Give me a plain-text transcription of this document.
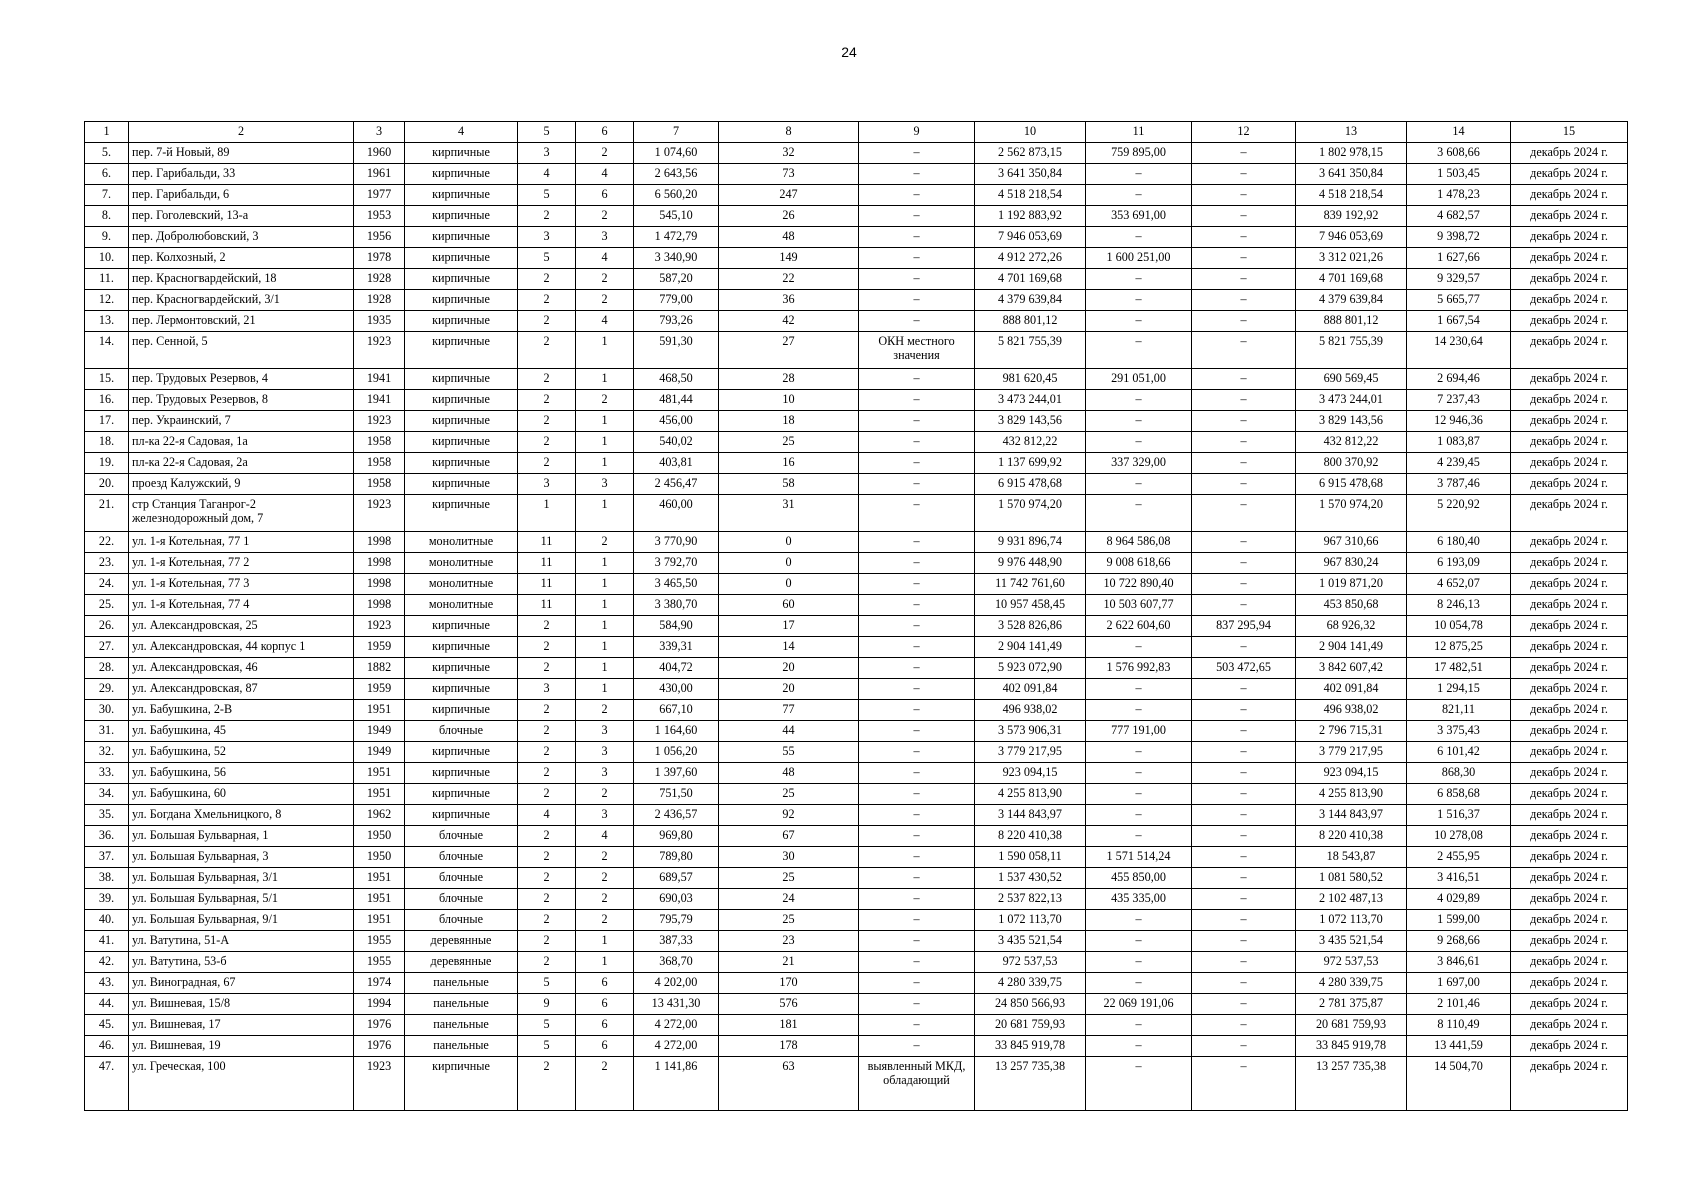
24
1	2	3	4	5	6	7	8	9	10	11	12	13	14	15
5.	пер. 7-й Новый, 89	1960	кирпичные	3	2	1 074,60	32	–	2 562 873,15	759 895,00	–	1 802 978,15	3 608,66	декабрь 2024 г.
6.	пер. Гарибальди, 33	1961	кирпичные	4	4	2 643,56	73	–	3 641 350,84	–	–	3 641 350,84	1 503,45	декабрь 2024 г.
7.	пер. Гарибальди, 6	1977	кирпичные	5	6	6 560,20	247	–	4 518 218,54	–	–	4 518 218,54	1 478,23	декабрь 2024 г.
8.	пер. Гоголевский, 13-а	1953	кирпичные	2	2	545,10	26	–	1 192 883,92	353 691,00	–	839 192,92	4 682,57	декабрь 2024 г.
9.	пер. Добролюбовский, 3	1956	кирпичные	3	3	1 472,79	48	–	7 946 053,69	–	–	7 946 053,69	9 398,72	декабрь 2024 г.
10.	пер. Колхозный, 2	1978	кирпичные	5	4	3 340,90	149	–	4 912 272,26	1 600 251,00	–	3 312 021,26	1 627,66	декабрь 2024 г.
11.	пер. Красногвардейский, 18	1928	кирпичные	2	2	587,20	22	–	4 701 169,68	–	–	4 701 169,68	9 329,57	декабрь 2024 г.
12.	пер. Красногвардейский, 3/1	1928	кирпичные	2	2	779,00	36	–	4 379 639,84	–	–	4 379 639,84	5 665,77	декабрь 2024 г.
13.	пер. Лермонтовский, 21	1935	кирпичные	2	4	793,26	42	–	888 801,12	–	–	888 801,12	1 667,54	декабрь 2024 г.
14.	пер. Сенной, 5	1923	кирпичные	2	1	591,30	27	ОКН местного значения	5 821 755,39	–	–	5 821 755,39	14 230,64	декабрь 2024 г.
15.	пер. Трудовых Резервов, 4	1941	кирпичные	2	1	468,50	28	–	981 620,45	291 051,00	–	690 569,45	2 694,46	декабрь 2024 г.
16.	пер. Трудовых Резервов, 8	1941	кирпичные	2	2	481,44	10	–	3 473 244,01	–	–	3 473 244,01	7 237,43	декабрь 2024 г.
17.	пер. Украинский, 7	1923	кирпичные	2	1	456,00	18	–	3 829 143,56	–	–	3 829 143,56	12 946,36	декабрь 2024 г.
18.	пл-ка 22-я Садовая, 1а	1958	кирпичные	2	1	540,02	25	–	432 812,22	–	–	432 812,22	1 083,87	декабрь 2024 г.
19.	пл-ка 22-я Садовая, 2а	1958	кирпичные	2	1	403,81	16	–	1 137 699,92	337 329,00	–	800 370,92	4 239,45	декабрь 2024 г.
20.	проезд Калужский, 9	1958	кирпичные	3	3	2 456,47	58	–	6 915 478,68	–	–	6 915 478,68	3 787,46	декабрь 2024 г.
21.	стр Станция Таганрог-2 железнодорожный дом, 7	1923	кирпичные	1	1	460,00	31	–	1 570 974,20	–	–	1 570 974,20	5 220,92	декабрь 2024 г.
22.	ул. 1-я Котельная, 77 1	1998	монолитные	11	2	3 770,90	0	–	9 931 896,74	8 964 586,08	–	967 310,66	6 180,40	декабрь 2024 г.
23.	ул. 1-я Котельная, 77 2	1998	монолитные	11	1	3 792,70	0	–	9 976 448,90	9 008 618,66	–	967 830,24	6 193,09	декабрь 2024 г.
24.	ул. 1-я Котельная, 77 3	1998	монолитные	11	1	3 465,50	0	–	11 742 761,60	10 722 890,40	–	1 019 871,20	4 652,07	декабрь 2024 г.
25.	ул. 1-я Котельная, 77 4	1998	монолитные	11	1	3 380,70	60	–	10 957 458,45	10 503 607,77	–	453 850,68	8 246,13	декабрь 2024 г.
26.	ул. Александровская, 25	1923	кирпичные	2	1	584,90	17	–	3 528 826,86	2 622 604,60	837 295,94	68 926,32	10 054,78	декабрь 2024 г.
27.	ул. Александровская, 44 корпус 1	1959	кирпичные	2	1	339,31	14	–	2 904 141,49	–	–	2 904 141,49	12 875,25	декабрь 2024 г.
28.	ул. Александровская, 46	1882	кирпичные	2	1	404,72	20	–	5 923 072,90	1 576 992,83	503 472,65	3 842 607,42	17 482,51	декабрь 2024 г.
29.	ул. Александровская, 87	1959	кирпичные	3	1	430,00	20	–	402 091,84	–	–	402 091,84	1 294,15	декабрь 2024 г.
30.	ул. Бабушкина, 2-В	1951	кирпичные	2	2	667,10	77	–	496 938,02	–	–	496 938,02	821,11	декабрь 2024 г.
31.	ул. Бабушкина, 45	1949	блочные	2	3	1 164,60	44	–	3 573 906,31	777 191,00	–	2 796 715,31	3 375,43	декабрь 2024 г.
32.	ул. Бабушкина, 52	1949	кирпичные	2	3	1 056,20	55	–	3 779 217,95	–	–	3 779 217,95	6 101,42	декабрь 2024 г.
33.	ул. Бабушкина, 56	1951	кирпичные	2	3	1 397,60	48	–	923 094,15	–	–	923 094,15	868,30	декабрь 2024 г.
34.	ул. Бабушкина, 60	1951	кирпичные	2	2	751,50	25	–	4 255 813,90	–	–	4 255 813,90	6 858,68	декабрь 2024 г.
35.	ул. Богдана Хмельницкого, 8	1962	кирпичные	4	3	2 436,57	92	–	3 144 843,97	–	–	3 144 843,97	1 516,37	декабрь 2024 г.
36.	ул. Большая Бульварная, 1	1950	блочные	2	4	969,80	67	–	8 220 410,38	–	–	8 220 410,38	10 278,08	декабрь 2024 г.
37.	ул. Большая Бульварная, 3	1950	блочные	2	2	789,80	30	–	1 590 058,11	1 571 514,24	–	18 543,87	2 455,95	декабрь 2024 г.
38.	ул. Большая Бульварная, 3/1	1951	блочные	2	2	689,57	25	–	1 537 430,52	455 850,00	–	1 081 580,52	3 416,51	декабрь 2024 г.
39.	ул. Большая Бульварная, 5/1	1951	блочные	2	2	690,03	24	–	2 537 822,13	435 335,00	–	2 102 487,13	4 029,89	декабрь 2024 г.
40.	ул. Большая Бульварная, 9/1	1951	блочные	2	2	795,79	25	–	1 072 113,70	–	–	1 072 113,70	1 599,00	декабрь 2024 г.
41.	ул. Ватутина, 51-А	1955	деревянные	2	1	387,33	23	–	3 435 521,54	–	–	3 435 521,54	9 268,66	декабрь 2024 г.
42.	ул. Ватутина, 53-б	1955	деревянные	2	1	368,70	21	–	972 537,53	–	–	972 537,53	3 846,61	декабрь 2024 г.
43.	ул. Виноградная, 67	1974	панельные	5	6	4 202,00	170	–	4 280 339,75	–	–	4 280 339,75	1 697,00	декабрь 2024 г.
44.	ул. Вишневая, 15/8	1994	панельные	9	6	13 431,30	576	–	24 850 566,93	22 069 191,06	–	2 781 375,87	2 101,46	декабрь 2024 г.
45.	ул. Вишневая, 17	1976	панельные	5	6	4 272,00	181	–	20 681 759,93	–	–	20 681 759,93	8 110,49	декабрь 2024 г.
46.	ул. Вишневая, 19	1976	панельные	5	6	4 272,00	178	–	33 845 919,78	–	–	33 845 919,78	13 441,59	декабрь 2024 г.
47.	ул. Греческая, 100	1923	кирпичные	2	2	1 141,86	63	выявленный МКД, обладающий	13 257 735,38	–	–	13 257 735,38	14 504,70	декабрь 2024 г.
